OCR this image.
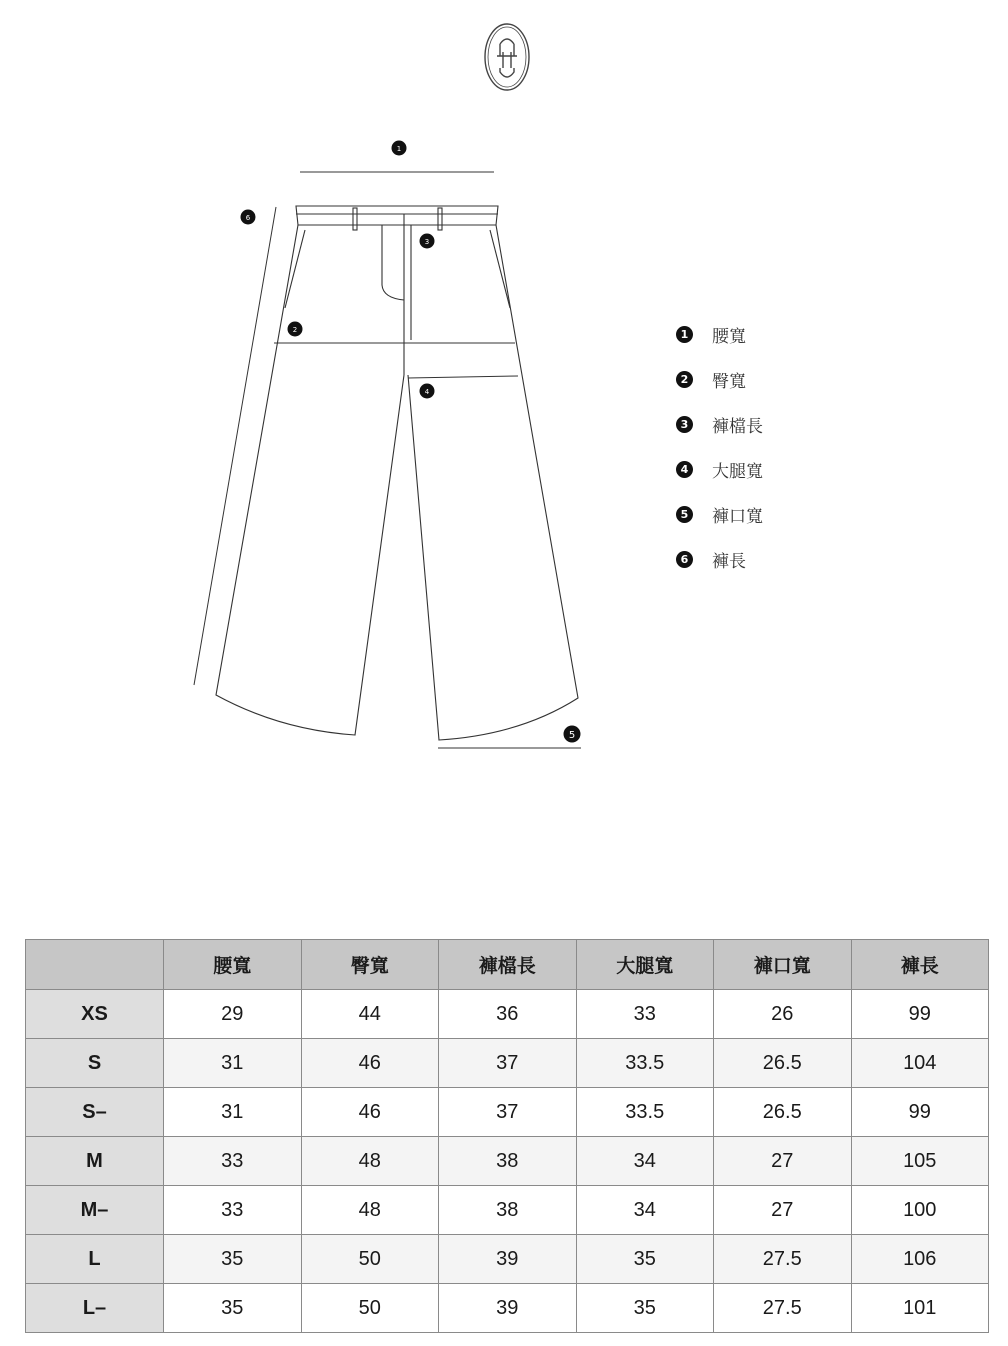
1
2
3
4
5
6
1 腰寬
2 臀寬
3 褲檔長
4 大腿寬
5 褲口寬
6 褲長
	腰寬	臀寬	褲檔長	大腿寬	褲口寬	褲長
XS	29	44	36	33	26	99
S	31	46	37	33.5	26.5	104
S–	31	46	37	33.5	26.5	99
M	33	48	38	34	27	105
M–	33	48	38	34	27	100
L	35	50	39	35	27.5	106
L–	35	50	39	35	27.5	101
